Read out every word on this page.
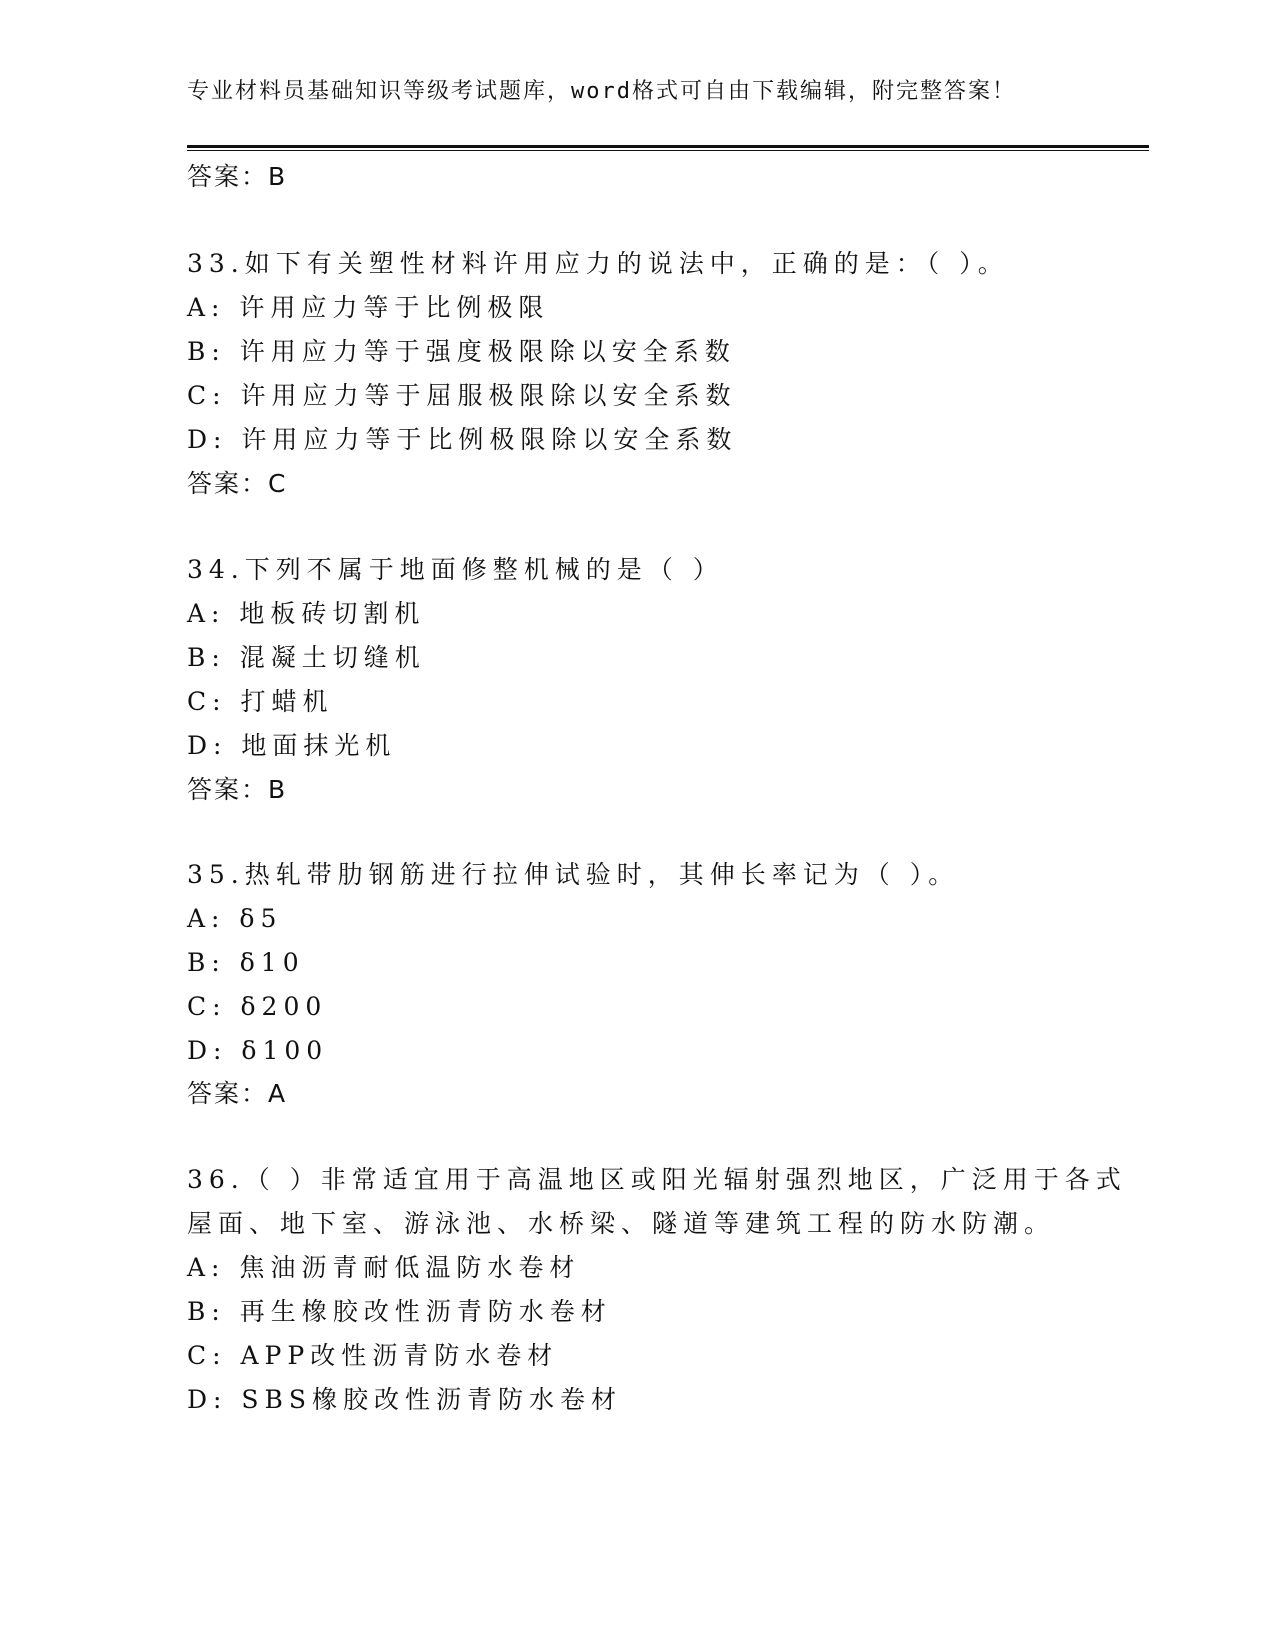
专业材料员基础知识等级考试题库，word格式可自由下载编辑，附完整答案！
答案：B
33.如下有关塑性材料许用应力的说法中，正确的是：（ ）。
A: 许用应力等于比例极限
B: 许用应力等于强度极限除以安全系数
C: 许用应力等于屈服极限除以安全系数
D: 许用应力等于比例极限除以安全系数
答案：C
34.下列不属于地面修整机械的是（ ）
A: 地板砖切割机
B: 混凝土切缝机
C: 打蜡机
D: 地面抹光机
答案：B
35.热轧带肋钢筋进行拉伸试验时，其伸长率记为（ ）。
A: δ5
B: δ10
C: δ200
D: δ100
答案：A
36.（ ）非常适宜用于高温地区或阳光辐射强烈地区，广泛用于各式
屋面、地下室、游泳池、水桥梁、隧道等建筑工程的防水防潮。
A: 焦油沥青耐低温防水卷材
B: 再生橡胶改性沥青防水卷材
C: APP改性沥青防水卷材
D: SBS橡胶改性沥青防水卷材
